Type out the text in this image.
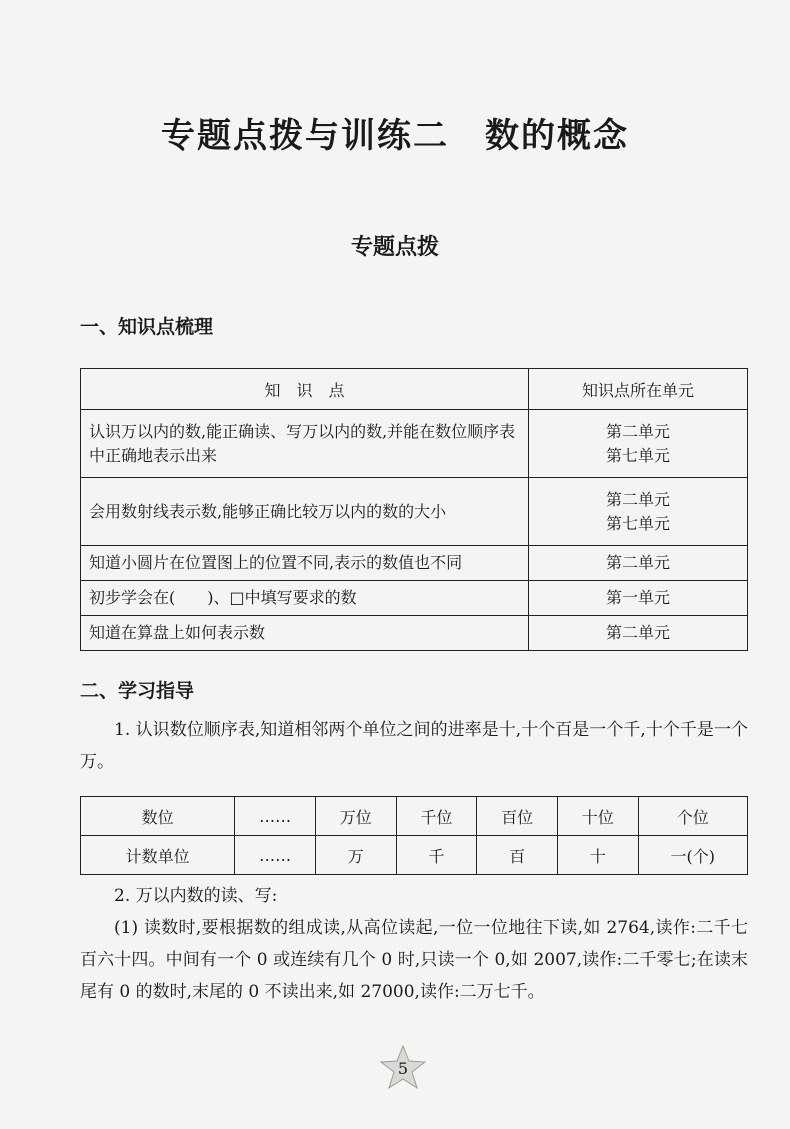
专题点拨与训练二　数的概念
专题点拨
一、知识点梳理
知　识　点	知识点所在单元
认识万以内的数,能正确读、写万以内的数,并能在数位顺序表中正确地表示出来	第二单元
第七单元

会用数射线表示数,能够正确比较万以内的数的大小	第二单元
第七单元

知道小圆片在位置图上的位置不同,表示的数值也不同	第二单元

初步学会在(　　)、□中填写要求的数	第一单元

知道在算盘上如何表示数	第二单元
二、学习指导
1. 认识数位顺序表,知道相邻两个单位之间的进率是十,十个百是一个千,十个千是一个万。
数位	……	万位	千位	百位	十位	个位
计数单位	……	万	千	百	十	一(个)
2. 万以内数的读、写:
(1) 读数时,要根据数的组成读,从高位读起,一位一位地往下读,如 2764,读作:二千七百六十四。中间有一个 0 或连续有几个 0 时,只读一个 0,如 2007,读作:二千零七;在读末尾有 0 的数时,末尾的 0 不读出来,如 27000,读作:二万七千。
5
